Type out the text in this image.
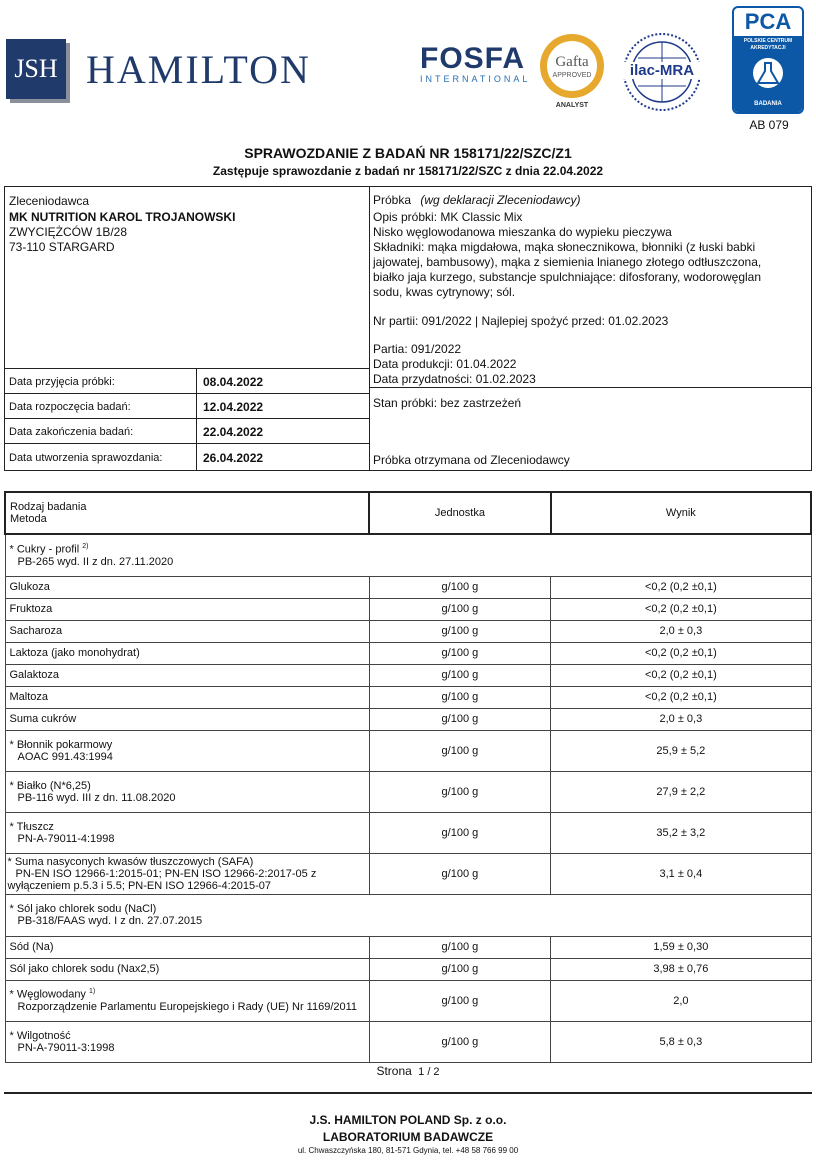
JSH HAMILTON	FOSFA
INTERNATIONAL
Gafta
APPROVED
ANALYST
ilac-MRA
PCA
POLSKIE CENTRUM AKREDYTACJI
BADANIA
AB 079
SPRAWOZDANIE Z BADAŃ NR 158171/22/SZC/Z1
Zastępuje sprawozdanie z badań nr 158171/22/SZC z dnia 22.04.2022
Zleceniodawca
MK NUTRITION KAROL TROJANOWSKI
ZWYCIĘŻCÓW 1B/28
73-110 STARGARD
Data przyjęcia próbki:	08.04.2022
Data rozpoczęcia badań:	12.04.2022
Data zakończenia badań:	22.04.2022
Data utworzenia sprawozdania:	26.04.2022
Próbka (wg deklaracji Zleceniodawcy)
Opis próbki: MK Classic Mix
Nisko węglowodanowa mieszanka do wypieku pieczywa
Składniki: mąka migdałowa, mąka słonecznikowa, błonniki (z łuski babki
jajowatej, bambusowy), mąka z siemienia lnianego złotego odtłuszczona,
białko jaja kurzego, substancje spulchniające: difosforany, wodorowęglan
sodu, kwas cytrynowy; sól.
Nr partii: 091/2022 | Najlepiej spożyć przed: 01.02.2023
Partia: 091/2022
Data produkcji: 01.04.2022
Data przydatności: 01.02.2023
Stan próbki: bez zastrzeżeń
Próbka otrzymana od Zleceniodawcy
Rodzaj badania
Metoda	Jednostka	Wynik

* Cukry - profil $^{2)}$
PB-265 wyd. II z dn. 27.11.2020		

Glukoza	g/100 g	<0,2 (0,2 ±0,1)
Fruktoza	g/100 g	<0,2 (0,2 ±0,1)
Sacharoza	g/100 g	2,0 ± 0,3
Laktoza (jako monohydrat)	g/100 g	<0,2 (0,2 ±0,1)
Galaktoza	g/100 g	<0,2 (0,2 ±0,1)
Maltoza	g/100 g	<0,2 (0,2 ±0,1)
Suma cukrów	g/100 g	2,0 ± 0,3

* Błonnik pokarmowy
AOAC 991.43:1994	g/100 g	25,9 ± 5,2

* Białko (N*6,25)
PB-116 wyd. III z dn. 11.08.2020	g/100 g	27,9 ± 2,2

* Tłuszcz
PN-A-79011-4:1998	g/100 g	35,2 ± 3,2

* Suma nasyconych kwasów tłuszczowych (SAFA)
PN-EN ISO 12966-1:2015-01; PN-EN ISO 12966-2:2017-05 z
wyłączeniem p.5.3 i 5.5; PN-EN ISO 12966-4:2015-07	g/100 g	3,1 ± 0,4

* Sól jako chlorek sodu (NaCl)
PB-318/FAAS wyd. I z dn. 27.07.2015		

Sód (Na)	g/100 g	1,59 ± 0,30
Sól jako chlorek sodu (Nax2,5)	g/100 g	3,98 ± 0,76

* Węglowodany $^{1)}$
Rozporządzenie Parlamentu Europejskiego i Rady (UE) Nr 1169/2011	g/100 g	2,0

* Wilgotność
PN-A-79011-3:1998	g/100 g	5,8 ± 0,3
Strona 1 / 2
J.S. HAMILTON POLAND Sp. z o.o.
LABORATORIUM BADAWCZE
ul. Chwaszczyńska 180, 81-571 Gdynia, tel. +48 58 766 99 00
